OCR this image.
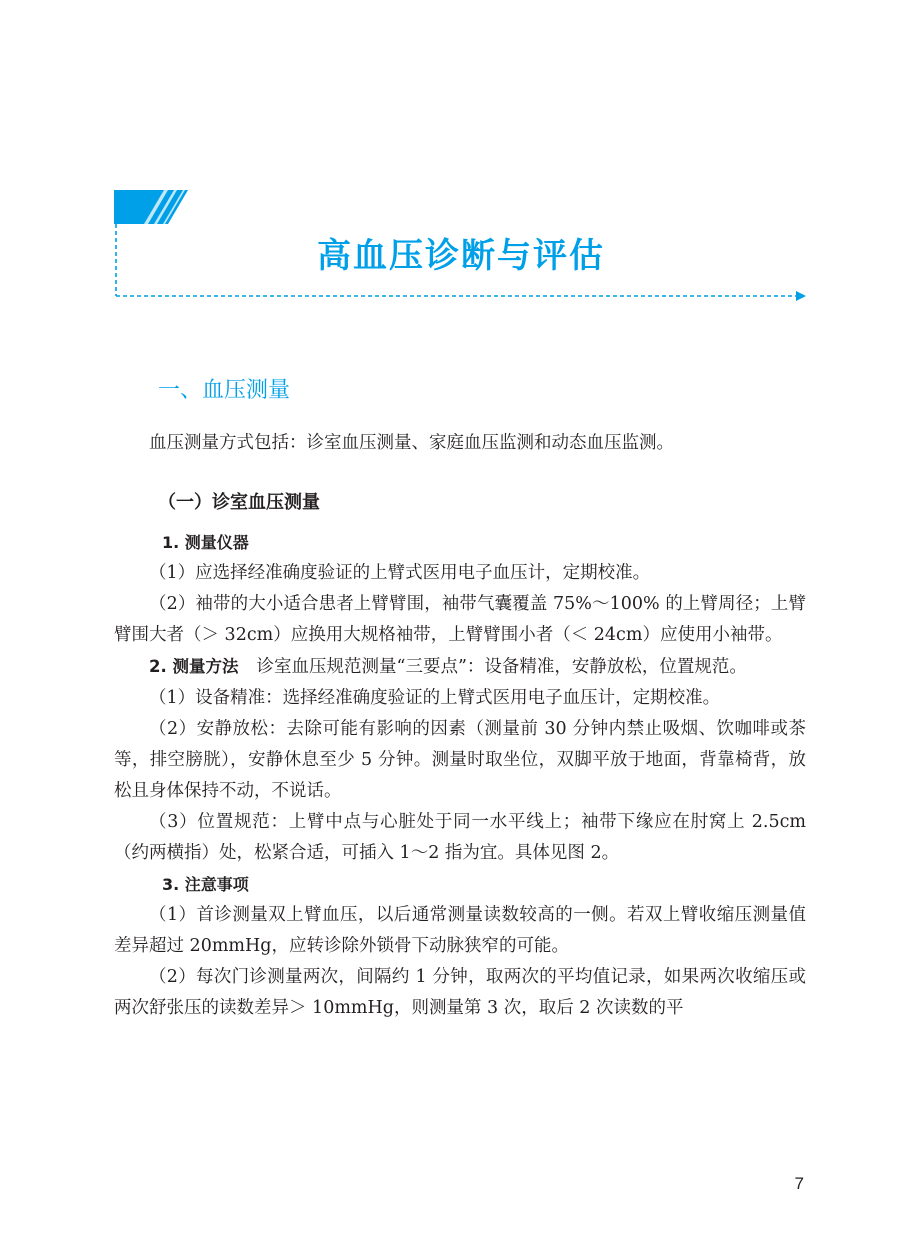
高血压诊断与评估
一、血压测量

血压测量方式包括：诊室血压测量、家庭血压监测和动态血压监测。

（一）诊室血压测量
1. 测量仪器

（1）应选择经准确度验证的上臂式医用电子血压计，定期校准。

（2）袖带的大小适合患者上臂臂围，袖带气囊覆盖 75%～100% 的上臂周径；上臂臂围大者（＞ 32cm）应换用大规格袖带，上臂臂围小者（＜ 24cm）应使用小袖带。

2. 测量方法 诊室血压规范测量“三要点”：设备精准，安静放松，位置规范。

（1）设备精准：选择经准确度验证的上臂式医用电子血压计，定期校准。

（2）安静放松：去除可能有影响的因素（测量前 30 分钟内禁止吸烟、饮咖啡或茶等，排空膀胱），安静休息至少 5 分钟。测量时取坐位，双脚平放于地面，背靠椅背，放松且身体保持不动，不说话。

（3）位置规范：上臂中点与心脏处于同一水平线上；袖带下缘应在肘窝上 2.5cm（约两横指）处，松紧合适，可插入 1～2 指为宜。具体见图 2。

3. 注意事项

（1）首诊测量双上臂血压，以后通常测量读数较高的一侧。若双上臂收缩压测量值差异超过 20mmHg，应转诊除外锁骨下动脉狭窄的可能。

（2）每次门诊测量两次，间隔约 1 分钟，取两次的平均值记录，如果两次收缩压或两次舒张压的读数差异＞ 10mmHg，则测量第 3 次，取后 2 次读数的平

7
